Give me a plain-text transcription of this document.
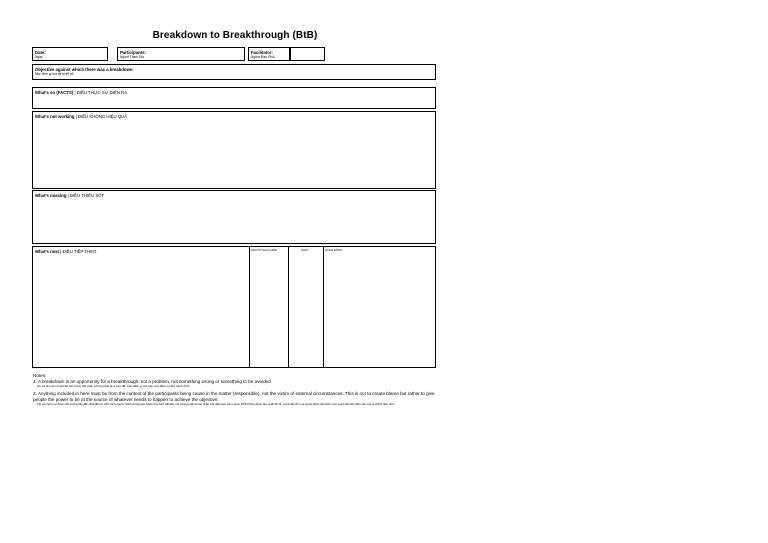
Breakdown to Breakthrough (BtB)
Date:
Ngày
Participants:
Người Tham Gia
Facilitator:
Người Điều Phối
Objective against which there was a breakdown:
Mục đích gì mà đã bị đổ vỡ
What's so (FACTS) | ĐIỀU THỰC SỰ DIỄN RA
What's not working | ĐIỀU KHÔNG HIỆU QUẢ
What's missing | ĐIỀU THIẾU SÓT
What's next | ĐIỀU TIẾP THEO	NGƯỜI THỰC HIỆN	NGÀY	HÀNH ĐỘNG

Notes:

1. A breakdown is an opportunity for a breakthrough, not a problem, not something wrong or something to be avoided

Sự cố là một cơ hội để tạo bước đột phá, không phải là 1 vấn đề, một điều gì sai hay một điều có thể tránh khỏi

2. Anything included in here must be from the context of the participants being cause in the matter (responsible), not the victim of external circumstances. This is not to create blame but rather to give people the power to be at the source of whatever needs to happen to achieve the objective.

Tất cả những gì được viết xuống đây đều phải đến từ viễn cảnh người "Mình là Nguyên Nhân Của Mọi Vấn Đề, mà không phải là nạn nhân của điều kiện bên ngoài. BTB không được tạo ra để đổ lỗi, mà là để cho mọi người được tiếp thêm sức mạnh để biến điều cần xảy ra thành hiện thực.
